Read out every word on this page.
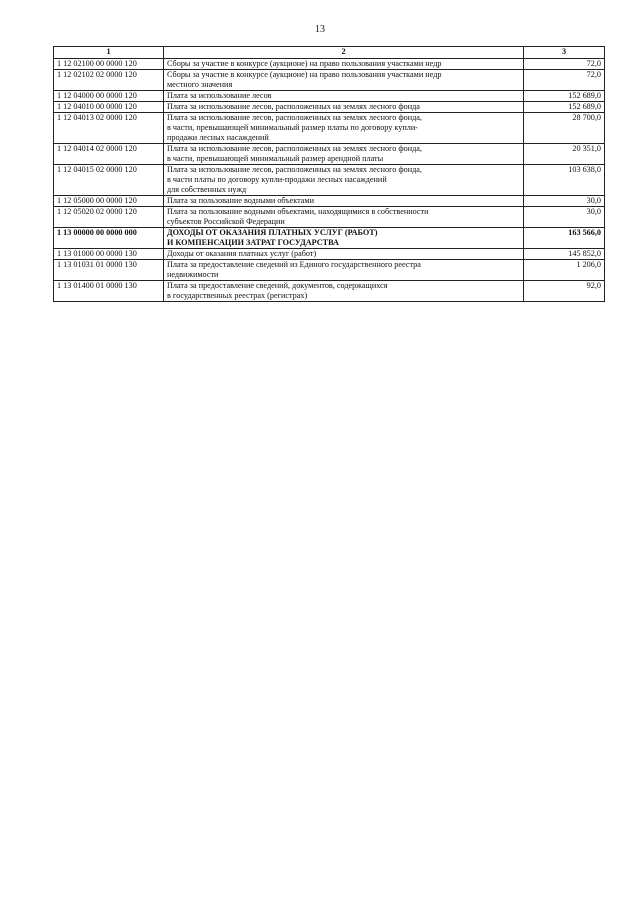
13
1	2	3
1 12 02100 00 0000 120	Сборы за участие в конкурсе (аукционе) на право пользования участками недр	72,0
1 12 02102 02 0000 120	Сборы за участие в конкурсе (аукционе) на право пользования участками недр
местного значения	72,0
1 12 04000 00 0000 120	Плата за использование лесов	152 689,0
1 12 04010 00 0000 120	Плата за использование лесов, расположенных на землях лесного фонда	152 689,0
1 12 04013 02 0000 120	Плата за использование лесов, расположенных на землях лесного фонда,
в части, превышающей минимальный размер платы по договору купли-
продажи лесных насаждений	28 700,0
1 12 04014 02 0000 120	Плата за использование лесов, расположенных на землях лесного фонда,
в части, превышающей минимальный размер арендной платы	20 351,0
1 12 04015 02 0000 120	Плата за использование лесов, расположенных на землях лесного фонда,
в части платы по договору купли-продажи лесных насаждений
для собственных нужд	103 638,0
1 12 05000 00 0000 120	Плата за пользование водными объектами	30,0
1 12 05020 02 0000 120	Плата за пользование водными объектами, находящимися в собственности
субъектов Российской Федерации	30,0
1 13 00000 00 0000 000	ДОХОДЫ ОТ ОКАЗАНИЯ ПЛАТНЫХ УСЛУГ (РАБОТ)
И КОМПЕНСАЦИИ ЗАТРАТ ГОСУДАРСТВА	163 566,0
1 13 01000 00 0000 130	Доходы от оказания платных услуг (работ)	145 852,0
1 13 01031 01 0000 130	Плата за предоставление сведений из Единого государственного реестра
недвижимости	1 206,0
1 13 01400 01 0000 130	Плата за предоставление сведений, документов, содержащихся
в государственных реестрах (регистрах)	92,0
